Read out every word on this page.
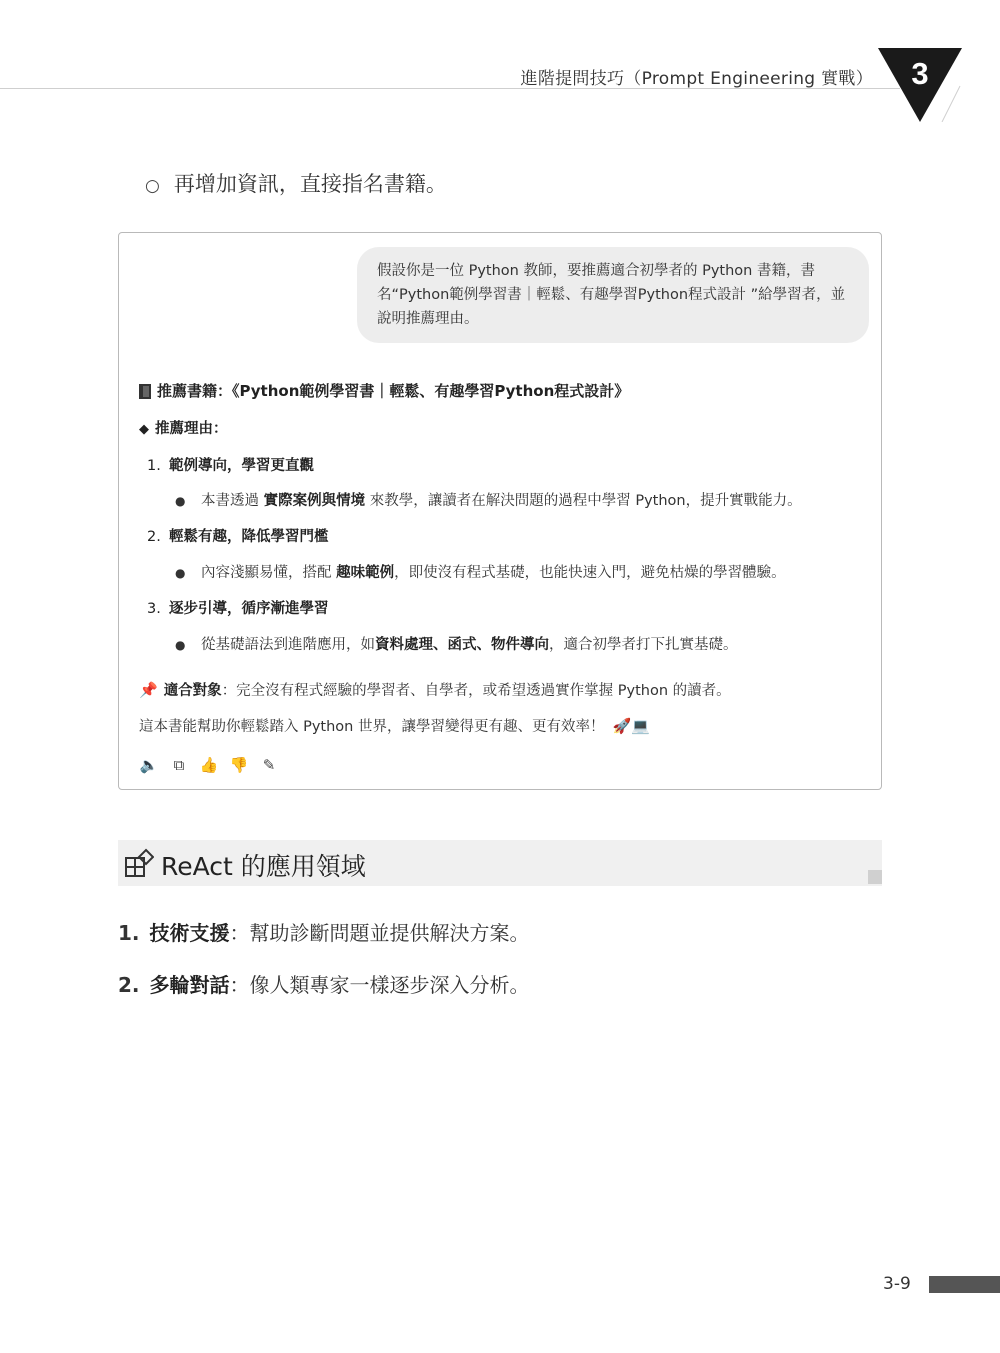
進階提問技巧（Prompt Engineering 實戰）	3
○ 再增加資訊，直接指名書籍。
假設你是一位 Python 教師，要推薦適合初學者的 Python 書籍，書名“Python範例學習書｜輕鬆、有趣學習Python程式設計 ”給學習者，並說明推薦理由。
推薦書籍：《Python範例學習書｜輕鬆、有趣學習Python程式設計》
◆ 推薦理由：
1. 範例導向，學習更直觀
● 本書透過 實際案例與情境 來教學，讓讀者在解決問題的過程中學習 Python，提升實戰能力。
2. 輕鬆有趣，降低學習門檻
● 內容淺顯易懂，搭配 趣味範例，即使沒有程式基礎，也能快速入門，避免枯燥的學習體驗。
3. 逐步引導，循序漸進學習
● 從基礎語法到進階應用，如資料處理、函式、物件導向，適合初學者打下扎實基礎。
📌 適合對象：完全沒有程式經驗的學習者、自學者，或希望透過實作掌握 Python 的讀者。
這本書能幫助你輕鬆踏入 Python 世界，讓學習變得更有趣、更有效率！ 🚀💻
🔈	⧉	👍 👎 ✎
ReAct 的應用領域
1. 技術支援：幫助診斷問題並提供解決方案。
2. 多輪對話：像人類專家一樣逐步深入分析。
3-9
